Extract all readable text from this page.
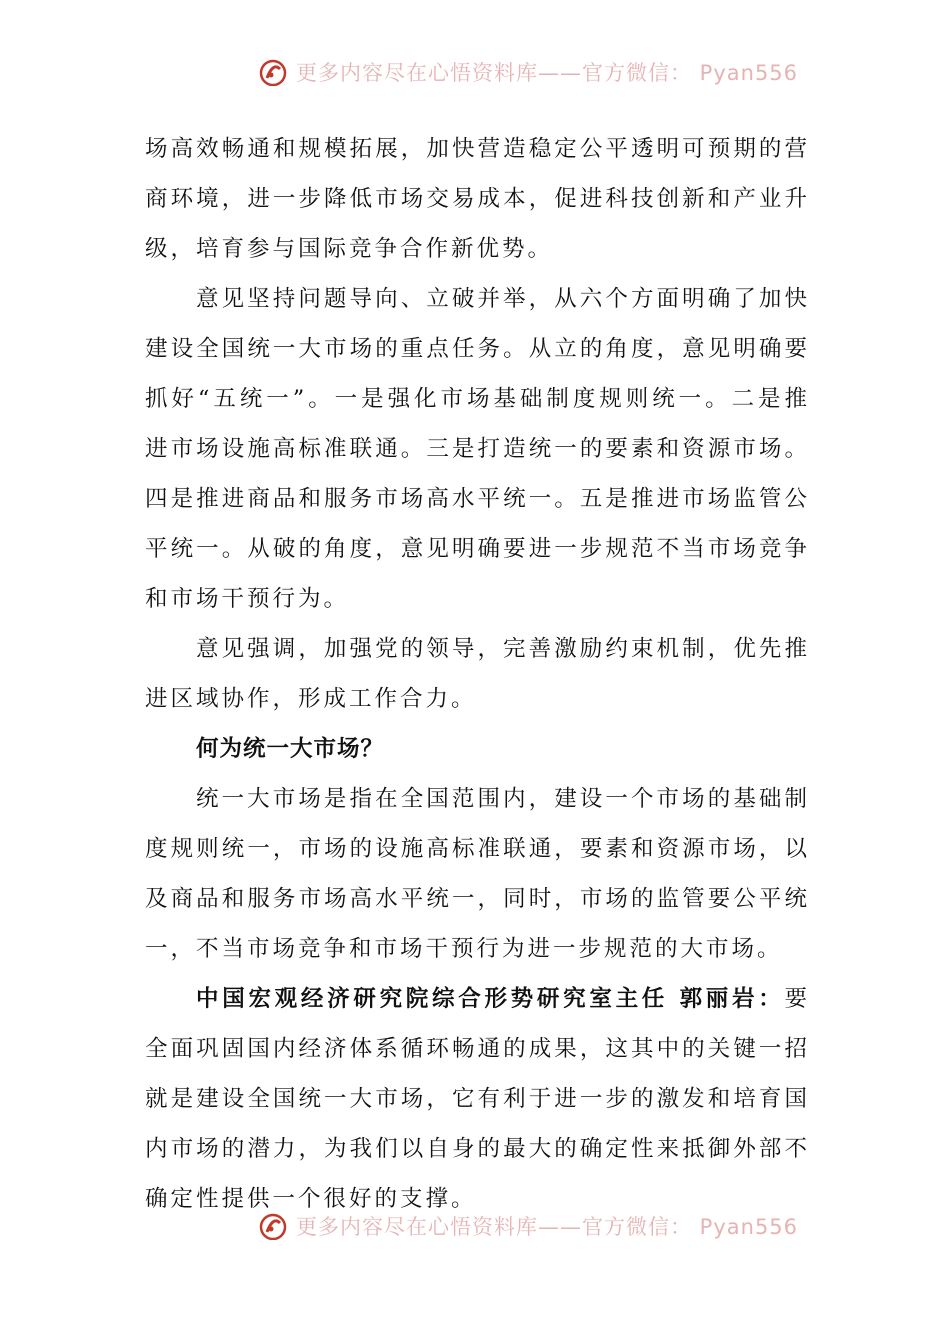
更多内容尽在心悟资料库——官方微信： Pyan556

场高效畅通和规模拓展，加快营造稳定公平透明可预期的营商环境，进一步降低市场交易成本，促进科技创新和产业升级，培育参与国际竞争合作新优势。

意见坚持问题导向、立破并举，从六个方面明确了加快建设全国统一大市场的重点任务。从立的角度，意见明确要抓好“五统一”。一是强化市场基础制度规则统一。二是推进市场设施高标准联通。三是打造统一的要素和资源市场。四是推进商品和服务市场高水平统一。五是推进市场监管公平统一。从破的角度，意见明确要进一步规范不当市场竞争和市场干预行为。

意见强调，加强党的领导，完善激励约束机制，优先推进区域协作，形成工作合力。

何为统一大市场？

统一大市场是指在全国范围内，建设一个市场的基础制度规则统一，市场的设施高标准联通，要素和资源市场，以及商品和服务市场高水平统一，同时，市场的监管要公平统一，不当市场竞争和市场干预行为进一步规范的大市场。

中国宏观经济研究院综合形势研究室主任 郭丽岩：要全面巩固国内经济体系循环畅通的成果，这其中的关键一招就是建设全国统一大市场，它有利于进一步的激发和培育国内市场的潜力，为我们以自身的最大的确定性来抵御外部不确定性提供一个很好的支撑。

更多内容尽在心悟资料库——官方微信： Pyan556
